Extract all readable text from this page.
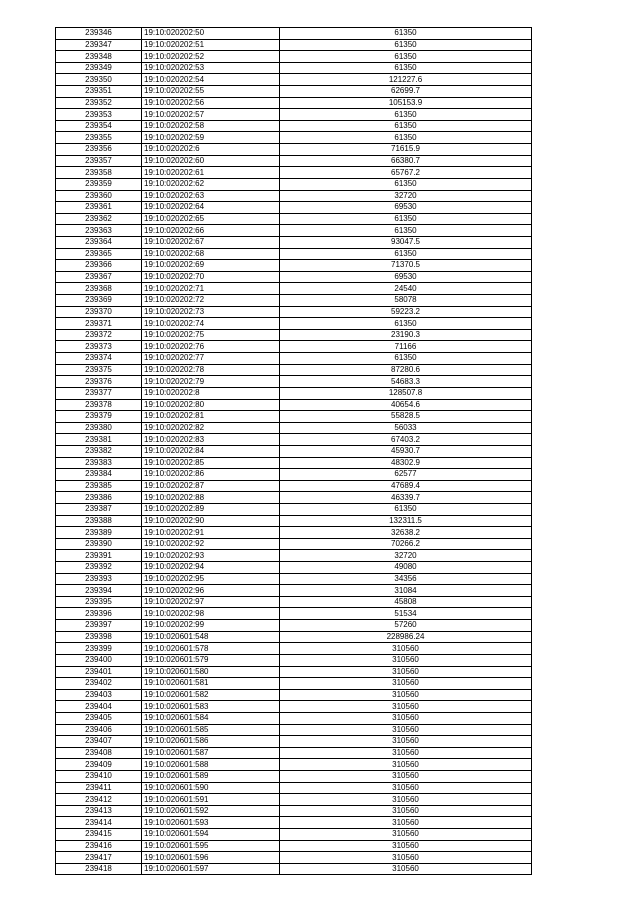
239346	19:10:020202:50	61350
239347	19:10:020202:51	61350
239348	19:10:020202:52	61350
239349	19:10:020202:53	61350
239350	19:10:020202:54	121227.6
239351	19:10:020202:55	62699.7
239352	19:10:020202:56	105153.9
239353	19:10:020202:57	61350
239354	19:10:020202:58	61350
239355	19:10:020202:59	61350
239356	19:10:020202:6	71615.9
239357	19:10:020202:60	66380.7
239358	19:10:020202:61	65767.2
239359	19:10:020202:62	61350
239360	19:10:020202:63	32720
239361	19:10:020202:64	69530
239362	19:10:020202:65	61350
239363	19:10:020202:66	61350
239364	19:10:020202:67	93047.5
239365	19:10:020202:68	61350
239366	19:10:020202:69	71370.5
239367	19:10:020202:70	69530
239368	19:10:020202:71	24540
239369	19:10:020202:72	58078
239370	19:10:020202:73	59223.2
239371	19:10:020202:74	61350
239372	19:10:020202:75	23190.3
239373	19:10:020202:76	71166
239374	19:10:020202:77	61350
239375	19:10:020202:78	87280.6
239376	19:10:020202:79	54683.3
239377	19:10:020202:8	128507.8
239378	19:10:020202:80	40654.6
239379	19:10:020202:81	55828.5
239380	19:10:020202:82	56033
239381	19:10:020202:83	67403.2
239382	19:10:020202:84	45930.7
239383	19:10:020202:85	48302.9
239384	19:10:020202:86	62577
239385	19:10:020202:87	47689.4
239386	19:10:020202:88	46339.7
239387	19:10:020202:89	61350
239388	19:10:020202:90	132311.5
239389	19:10:020202:91	32638.2
239390	19:10:020202:92	70266.2
239391	19:10:020202:93	32720
239392	19:10:020202:94	49080
239393	19:10:020202:95	34356
239394	19:10:020202:96	31084
239395	19:10:020202:97	45808
239396	19:10:020202:98	51534
239397	19:10:020202:99	57260
239398	19:10:020601:548	228986.24
239399	19:10:020601:578	310560
239400	19:10:020601:579	310560
239401	19:10:020601:580	310560
239402	19:10:020601:581	310560
239403	19:10:020601:582	310560
239404	19:10:020601:583	310560
239405	19:10:020601:584	310560
239406	19:10:020601:585	310560
239407	19:10:020601:586	310560
239408	19:10:020601:587	310560
239409	19:10:020601:588	310560
239410	19:10:020601:589	310560
239411	19:10:020601:590	310560
239412	19:10:020601:591	310560
239413	19:10:020601:592	310560
239414	19:10:020601:593	310560
239415	19:10:020601:594	310560
239416	19:10:020601:595	310560
239417	19:10:020601:596	310560
239418	19:10:020601:597	310560
